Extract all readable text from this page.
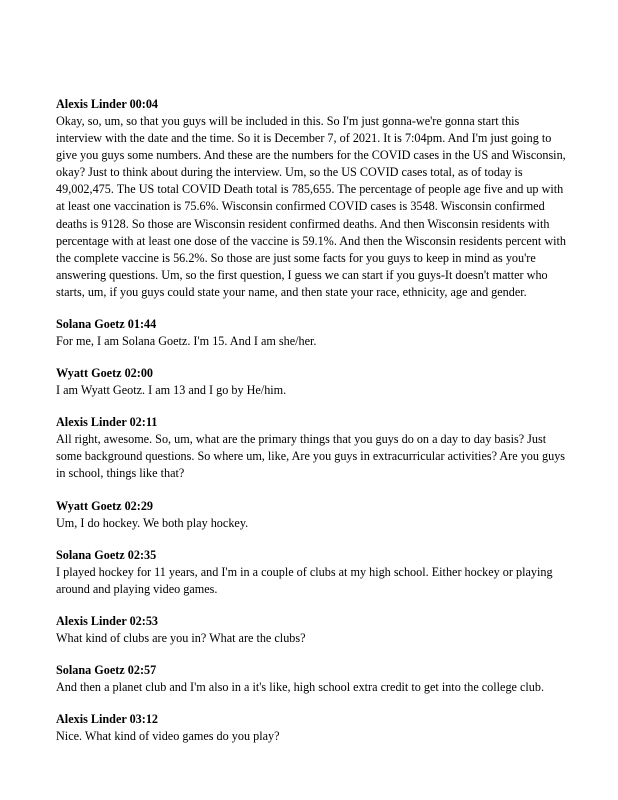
Alexis Linder 00:04

Okay, so, um, so that you guys will be included in this. So I'm just gonna-we're gonna start this interview with the date and the time. So it is December 7, of 2021. It is 7:04pm. And I'm just going to give you guys some numbers. And these are the numbers for the COVID cases in the US and Wisconsin, okay? Just to think about during the interview. Um, so the US COVID cases total, as of today is 49,002,475. The US total COVID Death total is 785,655. The percentage of people age five and up with at least one vaccination is 75.6%. Wisconsin confirmed COVID cases is 3548. Wisconsin confirmed deaths is 9128. So those are Wisconsin resident confirmed deaths. And then Wisconsin residents with percentage with at least one dose of the vaccine is 59.1%. And then the Wisconsin residents percent with the complete vaccine is 56.2%. So those are just some facts for you guys to keep in mind as you're answering questions. Um, so the first question, I guess we can start if you guys-It doesn't matter who starts, um, if you guys could state your name, and then state your race, ethnicity, age and gender.

Solana Goetz 01:44

For me, I am Solana Goetz. I'm 15. And I am she/her.

Wyatt Goetz 02:00

I am Wyatt Geotz. I am 13 and I go by He/him.

Alexis Linder 02:11

All right, awesome. So, um, what are the primary things that you guys do on a day to day basis? Just some background questions. So where um, like, Are you guys in extracurricular activities? Are you guys in school, things like that?

Wyatt Goetz 02:29

Um, I do hockey. We both play hockey.

Solana Goetz 02:35

I played hockey for 11 years, and I'm in a couple of clubs at my high school. Either hockey or playing around and playing video games.

Alexis Linder 02:53

What kind of clubs are you in? What are the clubs?

Solana Goetz 02:57

And then a planet club and I'm also in a it's like, high school extra credit to get into the college club.

Alexis Linder 03:12

Nice. What kind of video games do you play?
